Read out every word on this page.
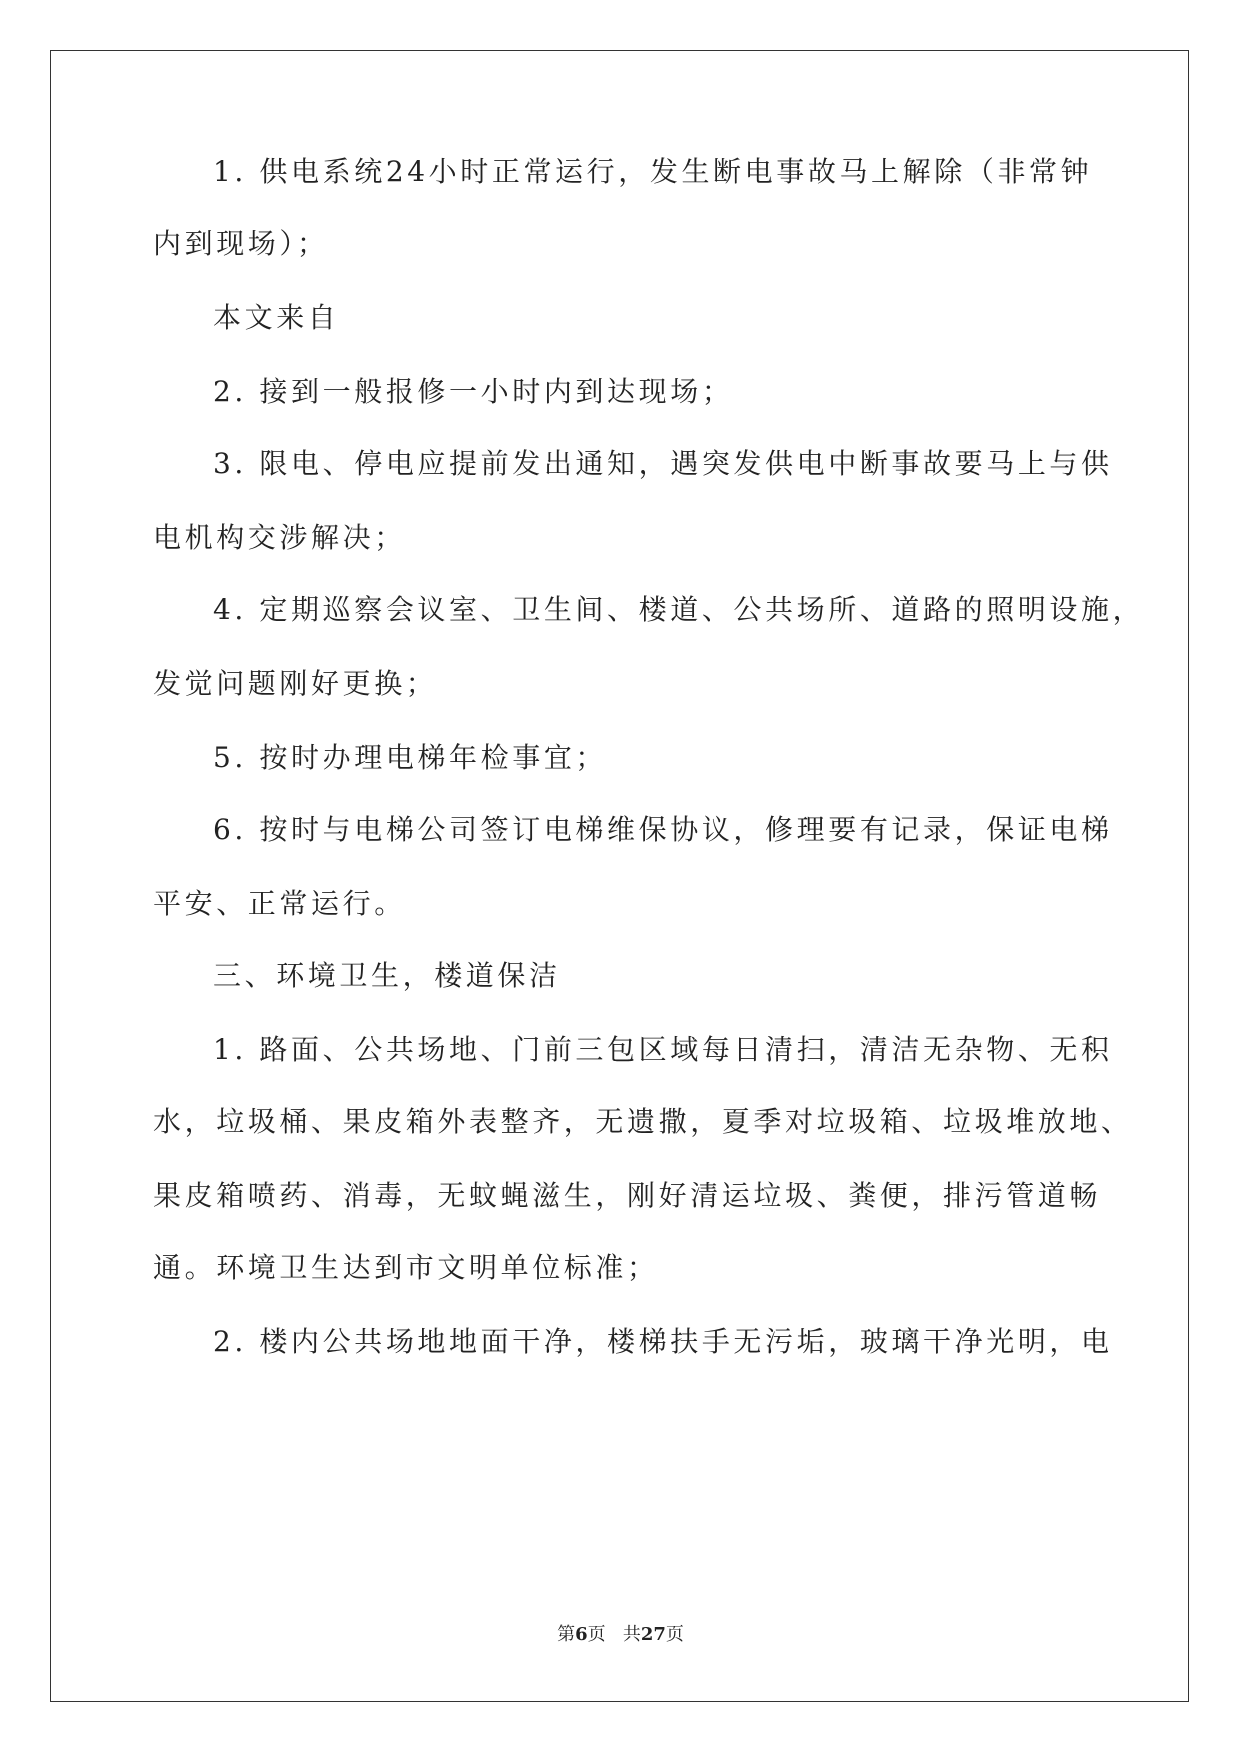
1. 供电系统24小时正常运行，发生断电事故马上解除（非常钟
内到现场）；
本文来自
2. 接到一般报修一小时内到达现场；
3. 限电、停电应提前发出通知，遇突发供电中断事故要马上与供
电机构交涉解决；
4. 定期巡察会议室、卫生间、楼道、公共场所、道路的照明设施，
发觉问题刚好更换；
5. 按时办理电梯年检事宜；
6. 按时与电梯公司签订电梯维保协议，修理要有记录，保证电梯
平安、正常运行。
三、环境卫生，楼道保洁
1. 路面、公共场地、门前三包区域每日清扫，清洁无杂物、无积
水，垃圾桶、果皮箱外表整齐，无遗撒，夏季对垃圾箱、垃圾堆放地、
果皮箱喷药、消毒，无蚊蝇滋生，刚好清运垃圾、粪便，排污管道畅
通。环境卫生达到市文明单位标准；
2. 楼内公共场地地面干净，楼梯扶手无污垢，玻璃干净光明，电
第6页 共27页
